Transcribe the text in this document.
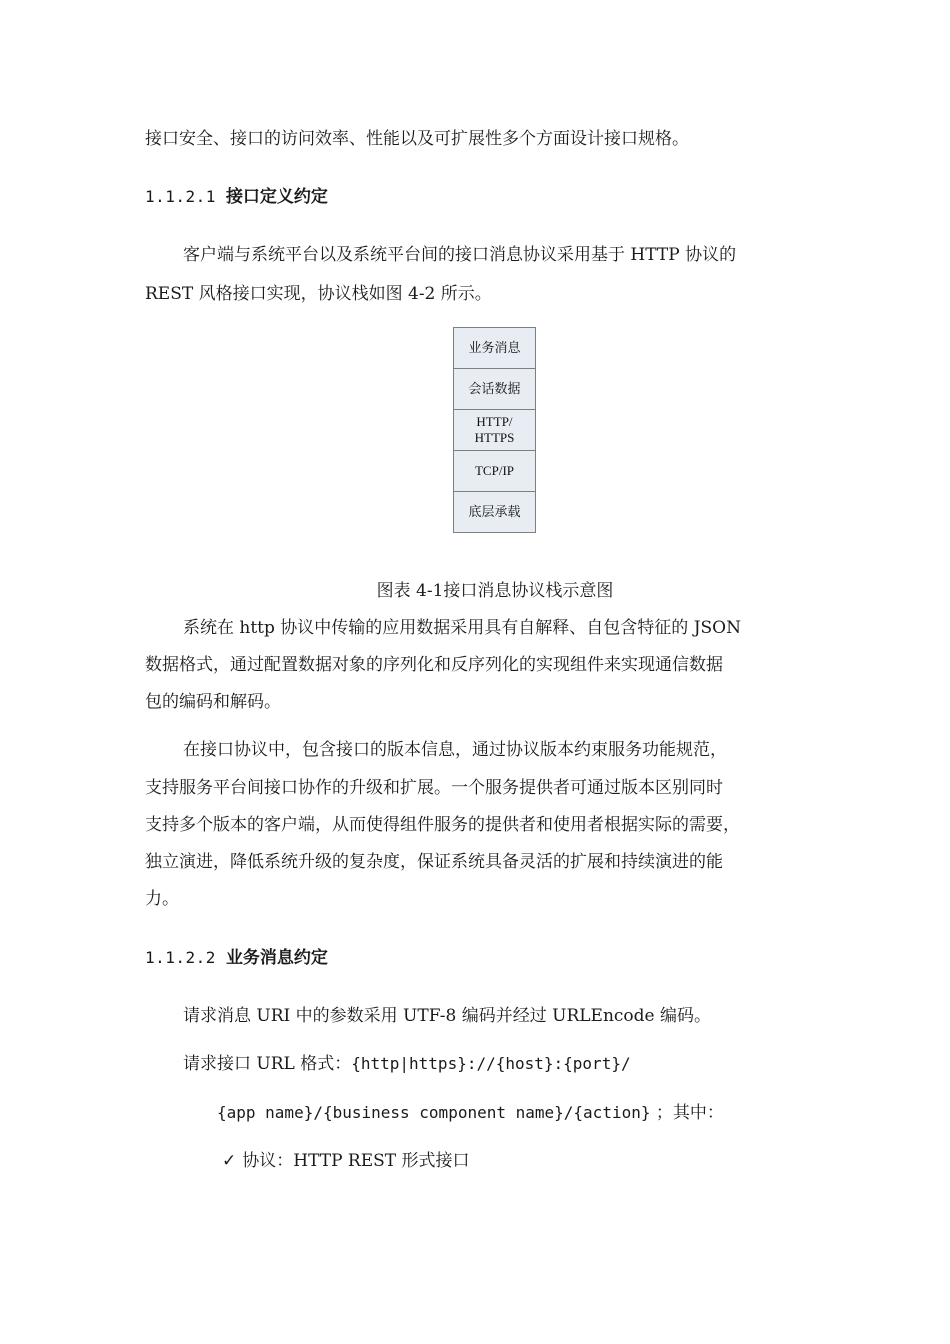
接口安全、接口的访问效率、性能以及可扩展性多个方面设计接口规格。
1.1.2.1 接口定义约定
客户端与系统平台以及系统平台间的接口消息协议采用基于 HTTP 协议的
REST 风格接口实现，协议栈如图 4-2 所示。
业务消息
会话数据
HTTP/
HTTPS
TCP/IP
底层承载
图表 4-1接口消息协议栈示意图
系统在 http 协议中传输的应用数据采用具有自解释、自包含特征的 JSON
数据格式，通过配置数据对象的序列化和反序列化的实现组件来实现通信数据
包的编码和解码。
在接口协议中，包含接口的版本信息，通过协议版本约束服务功能规范，
支持服务平台间接口协作的升级和扩展。一个服务提供者可通过版本区别同时
支持多个版本的客户端，从而使得组件服务的提供者和使用者根据实际的需要，
独立演进，降低系统升级的复杂度，保证系统具备灵活的扩展和持续演进的能
力。
1.1.2.2 业务消息约定
请求消息 URI 中的参数采用 UTF-8 编码并经过 URLEncode 编码。
请求接口 URL 格式：{http|https}://{host}:{port}/
{app name}/{business component name}/{action} ；其中：
✓ 协议：HTTP REST 形式接口
